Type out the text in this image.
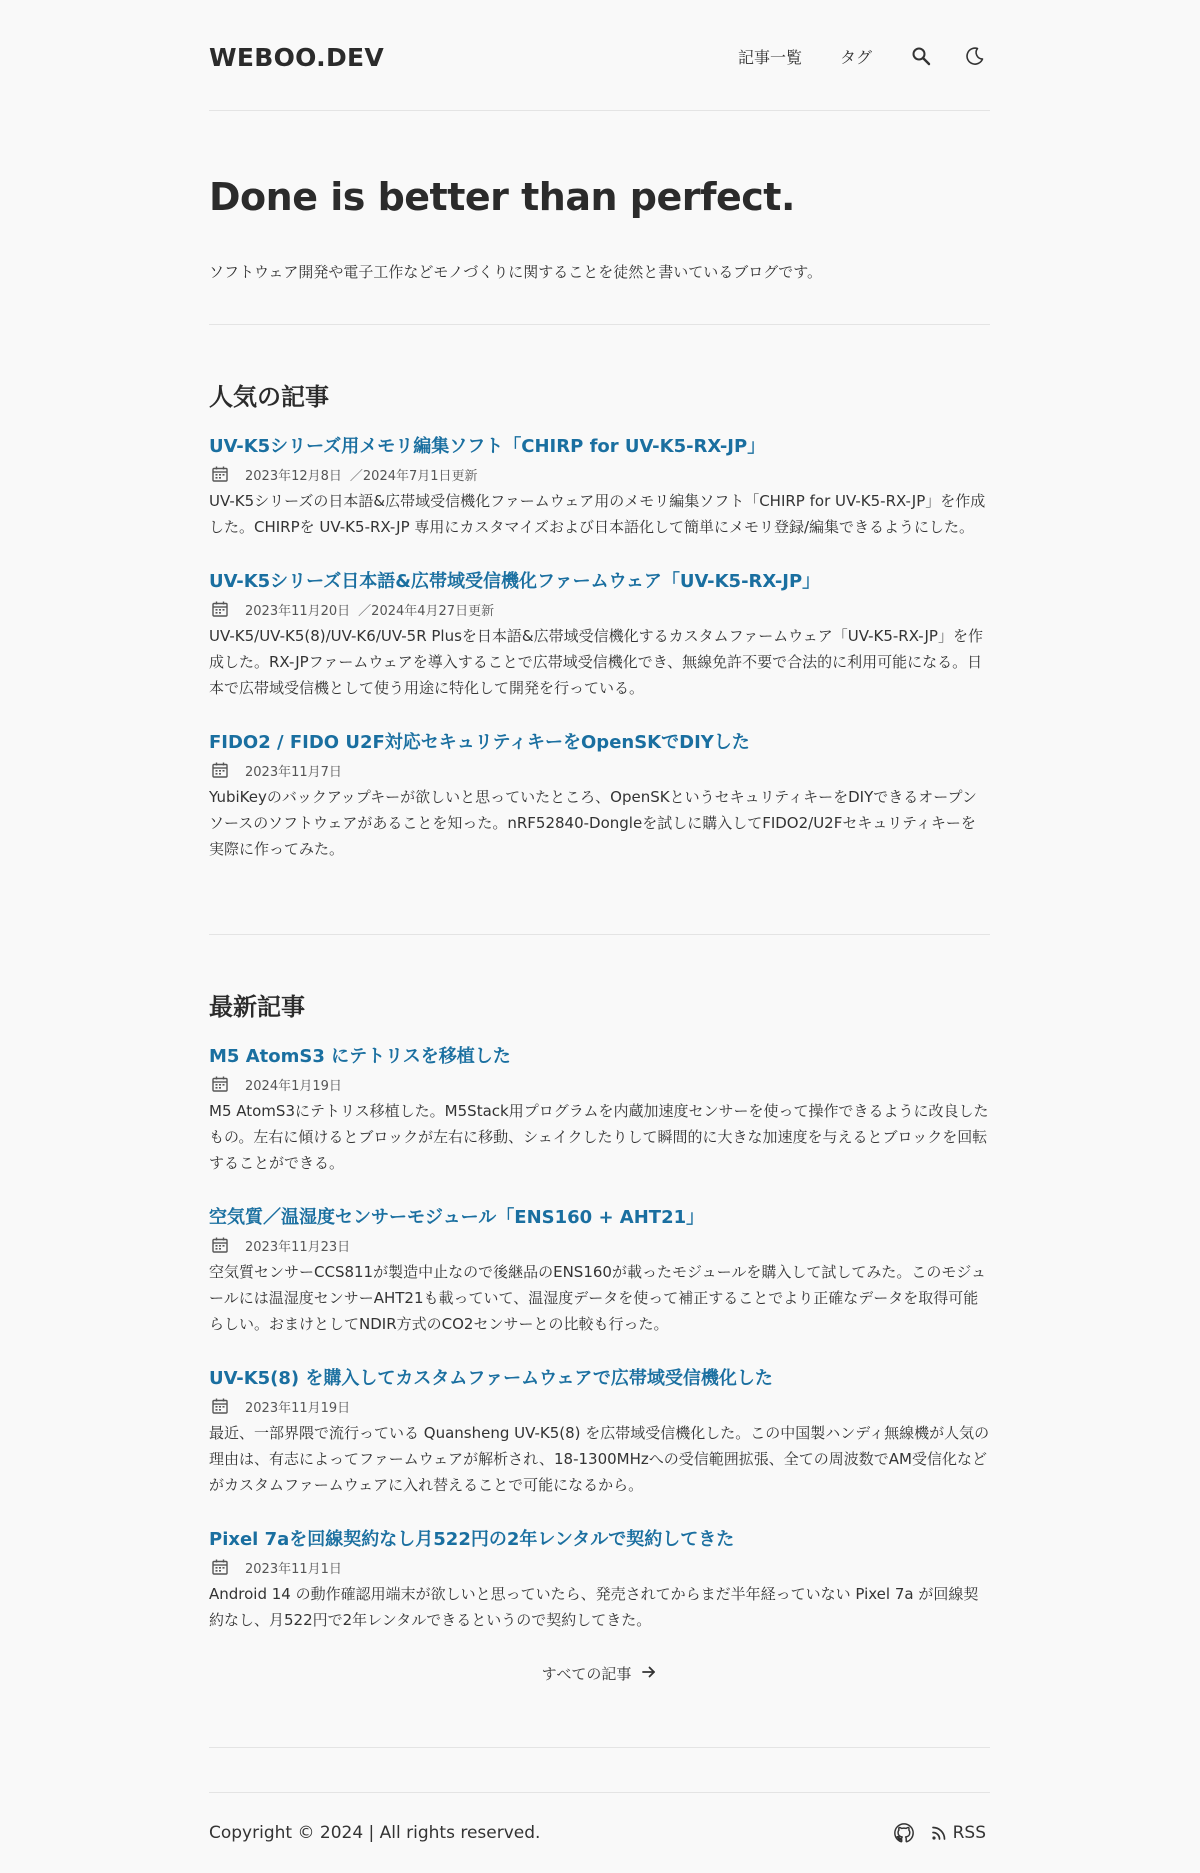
WEBOO.DEV	記事一覧 タグ
Done is better than perfect.

ソフトウェア開発や電子工作などモノづくりに関することを徒然と書いているブログです。

人気の記事
UV-K5シリーズ用メモリ編集ソフト「CHIRP for UV-K5-RX-JP」
2023年12月8日 ／2024年7月1日更新

UV-K5シリーズの日本語&広帯域受信機化ファームウェア用のメモリ編集ソフト「CHIRP for UV-K5-RX-JP」を作成した。CHIRPを UV-K5-RX-JP 専用にカスタマイズおよび日本語化して簡単にメモリ登録/編集できるようにした。

UV-K5シリーズ日本語&広帯域受信機化ファームウェア「UV-K5-RX-JP」
2023年11月20日 ／2024年4月27日更新

UV-K5/UV-K5(8)/UV-K6/UV-5R Plusを日本語&広帯域受信機化するカスタムファームウェア「UV-K5-RX-JP」を作成した。RX-JPファームウェアを導入することで広帯域受信機化でき、無線免許不要で合法的に利用可能になる。日本で広帯域受信機として使う用途に特化して開発を行っている。

FIDO2 / FIDO U2F対応セキュリティキーをOpenSKでDIYした
2023年11月7日

YubiKeyのバックアップキーが欲しいと思っていたところ、OpenSKというセキュリティキーをDIYできるオープンソースのソフトウェアがあることを知った。nRF52840-Dongleを試しに購入してFIDO2/U2Fセキュリティキーを実際に作ってみた。

最新記事
M5 AtomS3 にテトリスを移植した
2024年1月19日

M5 AtomS3にテトリス移植した。M5Stack用プログラムを内蔵加速度センサーを使って操作できるように改良したもの。左右に傾けるとブロックが左右に移動、シェイクしたりして瞬間的に大きな加速度を与えるとブロックを回転することができる。

空気質／温湿度センサーモジュール「ENS160 + AHT21」
2023年11月23日

空気質センサーCCS811が製造中止なので後継品のENS160が載ったモジュールを購入して試してみた。このモジュールには温湿度センサーAHT21も載っていて、温湿度データを使って補正することでより正確なデータを取得可能らしい。おまけとしてNDIR方式のCO2センサーとの比較も行った。

UV-K5(8) を購入してカスタムファームウェアで広帯域受信機化した
2023年11月19日

最近、一部界隈で流行っている Quansheng UV-K5(8) を広帯域受信機化した。この中国製ハンディ無線機が人気の理由は、有志によってファームウェアが解析され、18-1300MHzへの受信範囲拡張、全ての周波数でAM受信化などがカスタムファームウェアに入れ替えることで可能になるから。

Pixel 7aを回線契約なし月522円の2年レンタルで契約してきた
2023年11月1日

Android 14 の動作確認用端末が欲しいと思っていたら、発売されてからまだ半年経っていない Pixel 7a が回線契約なし、月522円で2年レンタルできるというので契約してきた。

すべての記事
Copyright © 2024 | All rights reserved.	RSS
